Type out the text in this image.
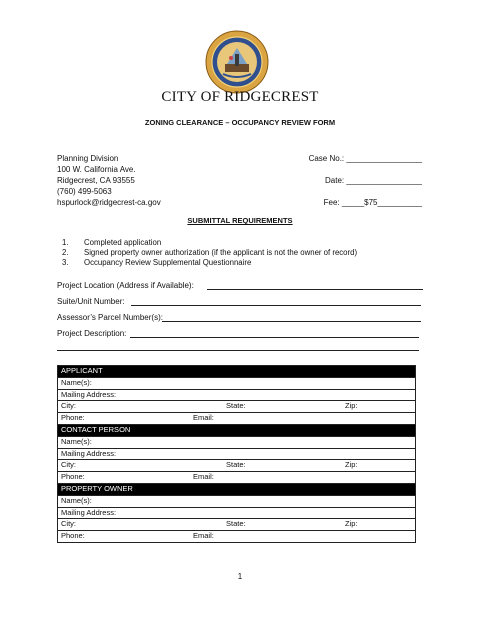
CITY OF RIDGECREST
ZONING CLEARANCE – OCCUPANCY REVIEW FORM
Planning Division
100 W. California Ave.
Ridgecrest, CA 93555
(760) 499-5063
hspurlock@ridgecrest-ca.gov
Case No.: _________________
Date: _________________
Fee: _____$75__________
SUBMITTAL REQUIREMENTS
1. Completed application
2. Signed property owner authorization (if the applicant is not the owner of record)
3. Occupancy Review Supplemental Questionnaire
Project Location (Address if Available):
Suite/Unit Number:
Assessor’s Parcel Number(s):
Project Description:
APPLICANT
Name(s):
Mailing Address:
City:	State:	Zip:
Phone:	Email:
CONTACT PERSON
Name(s):
Mailing Address:
City:	State:	Zip:
Phone:	Email:
PROPERTY OWNER
Name(s):
Mailing Address:
City:	State:	Zip:
Phone:	Email:
1
